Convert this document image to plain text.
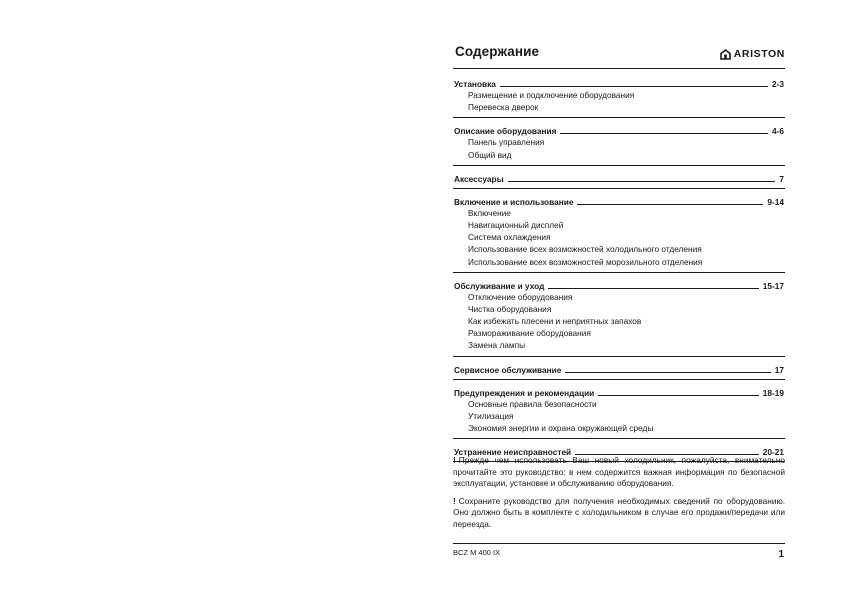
Содержание	ARISTON
Установка	2-3
Размещение и подключение оборудования
Перевеска дверок
Описание оборудования	4-6
Панель управления
Общий вид
Аксессуары	7
Включение и использование	9-14
Включение
Навигационный дисплей
Система охлаждения
Использование всех возможностей холодильного отделения
Использование всех возможностей морозильного отделения
Обслуживание и уход	15-17
Отключение оборудования
Чистка оборудования
Как избежать плесени и неприятных запахов
Размораживание оборудования
Замена лампы
Сервисное обслуживание	17
Предупреждения и рекомендации	18-19
Основные правила безопасности
Утилизация
Экономия энергии и охрана окружающей среды
Устранение неисправностей	20-21

! Прежде чем использовать Ваш новый холодильник, пожалуйста, внимательно прочитайте это руководство: в нем содержится важная информация по безопасной эксплуатации, установке и обслуживанию оборудования.

! Сохраните руководство для получения необходимых сведений по оборудованию. Оно должно быть в комплекте с холодильником в случае его продажи/передачи или переезда.

BCZ M 400 IX	1
